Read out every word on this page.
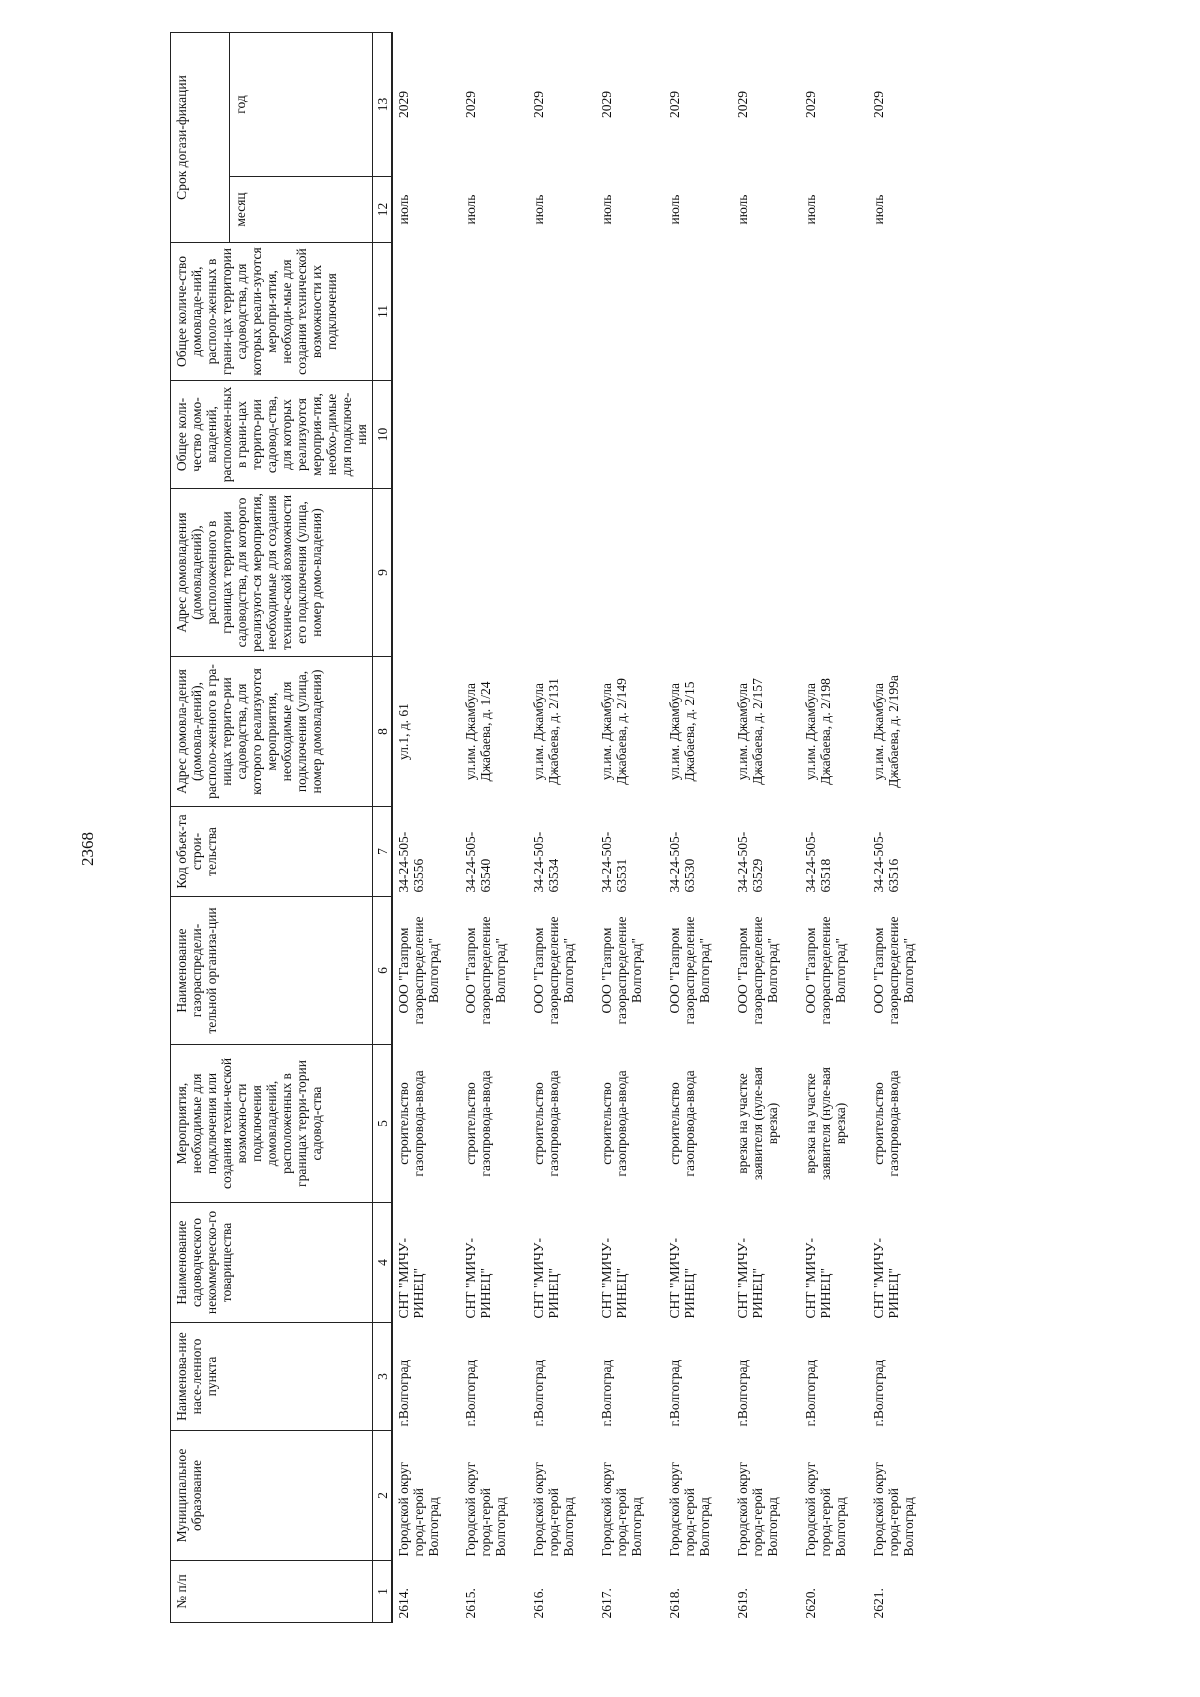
2368
№ п/п	Муниципальное образование	Наименова-ние насе-ленного пункта	Наименование садоводческого некоммерческо-го товарищества	Мероприятия, необходимые для подключения или создания техни-ческой возможно-сти подключения домовладений, расположенных в границах терри-тории садовод-ства	Наименование газораспредели-тельной организа-ции	Код объек-та строи-тельства	Адрес домовла-дения (домовла-дений), располо-женного в гра-ницах террито-рии садоводства, для которого реализуются мероприятия, необходимые для подключения (улица, номер домовладения)	Адрес домовладения (домовладений), расположенного в границах территории садоводства, для которого реализуют-ся мероприятия, необходимые для создания техниче-ской возможности его подключения (улица, номер домо-владения)	Общее коли-чество домо-владений, расположен-ных в грани-цах террито-рии садовод-ства, для которых реализуются мероприя-тия, необхо-димые для подключе-ния	Общее количе-ство домовладе-ний, располо-женных в грани-цах территории садоводства, для которых реали-зуются меропри-ятия, необходи-мые для создания технической возможности их подключения	Срок догази-фикации	
											месяц	год
1	2	3	4	5	6	7	8	9	10	11	12	13
2614.	Городской округ город-герой Волгоград	г.Волгоград	СНТ "МИЧУ-РИНЕЦ"	строительство газопровода-ввода	ООО "Газпром газораспределение Волгоград"	34-24-505-63556	ул.1, д. 61				июль	2029
2615.	Городской округ город-герой Волгоград	г.Волгоград	СНТ "МИЧУ-РИНЕЦ"	строительство газопровода-ввода	ООО "Газпром газораспределение Волгоград"	34-24-505-63540	ул.им. Джамбула Джабаева, д. 1/24				июль	2029
2616.	Городской округ город-герой Волгоград	г.Волгоград	СНТ "МИЧУ-РИНЕЦ"	строительство газопровода-ввода	ООО "Газпром газораспределение Волгоград"	34-24-505-63534	ул.им. Джамбула Джабаева, д. 2/131				июль	2029
2617.	Городской округ город-герой Волгоград	г.Волгоград	СНТ "МИЧУ-РИНЕЦ"	строительство газопровода-ввода	ООО "Газпром газораспределение Волгоград"	34-24-505-63531	ул.им. Джамбула Джабаева, д. 2/149				июль	2029
2618.	Городской округ город-герой Волгоград	г.Волгоград	СНТ "МИЧУ-РИНЕЦ"	строительство газопровода-ввода	ООО "Газпром газораспределение Волгоград"	34-24-505-63530	ул.им. Джамбула Джабаева, д. 2/15				июль	2029
2619.	Городской округ город-герой Волгоград	г.Волгоград	СНТ "МИЧУ-РИНЕЦ"	врезка на участке заявителя (нуле-вая врезка)	ООО "Газпром газораспределение Волгоград"	34-24-505-63529	ул.им. Джамбула Джабаева, д. 2/157				июль	2029
2620.	Городской округ город-герой Волгоград	г.Волгоград	СНТ "МИЧУ-РИНЕЦ"	врезка на участке заявителя (нуле-вая врезка)	ООО "Газпром газораспределение Волгоград"	34-24-505-63518	ул.им. Джамбула Джабаева, д. 2/198				июль	2029
2621.	Городской округ город-герой Волгоград	г.Волгоград	СНТ "МИЧУ-РИНЕЦ"	строительство газопровода-ввода	ООО "Газпром газораспределение Волгоград"	34-24-505-63516	ул.им. Джамбула Джабаева, д. 2/199а				июль	2029
